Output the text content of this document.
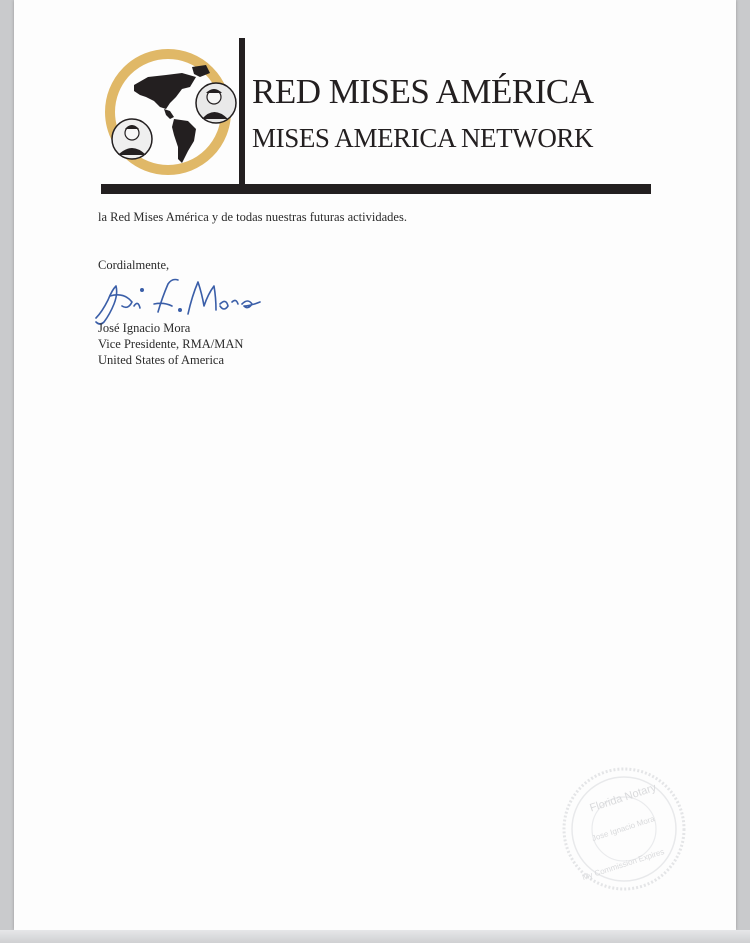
RED MISES AMÉRICA
MISES AMERICA NETWORK
la Red Mises América y de todas nuestras futuras actividades.
Cordialmente,
José Ignacio Mora
Vice Presidente, RMA/MAN
United States of America
Florida Notary
Jose Ignacio Mora
My Commission Expires
